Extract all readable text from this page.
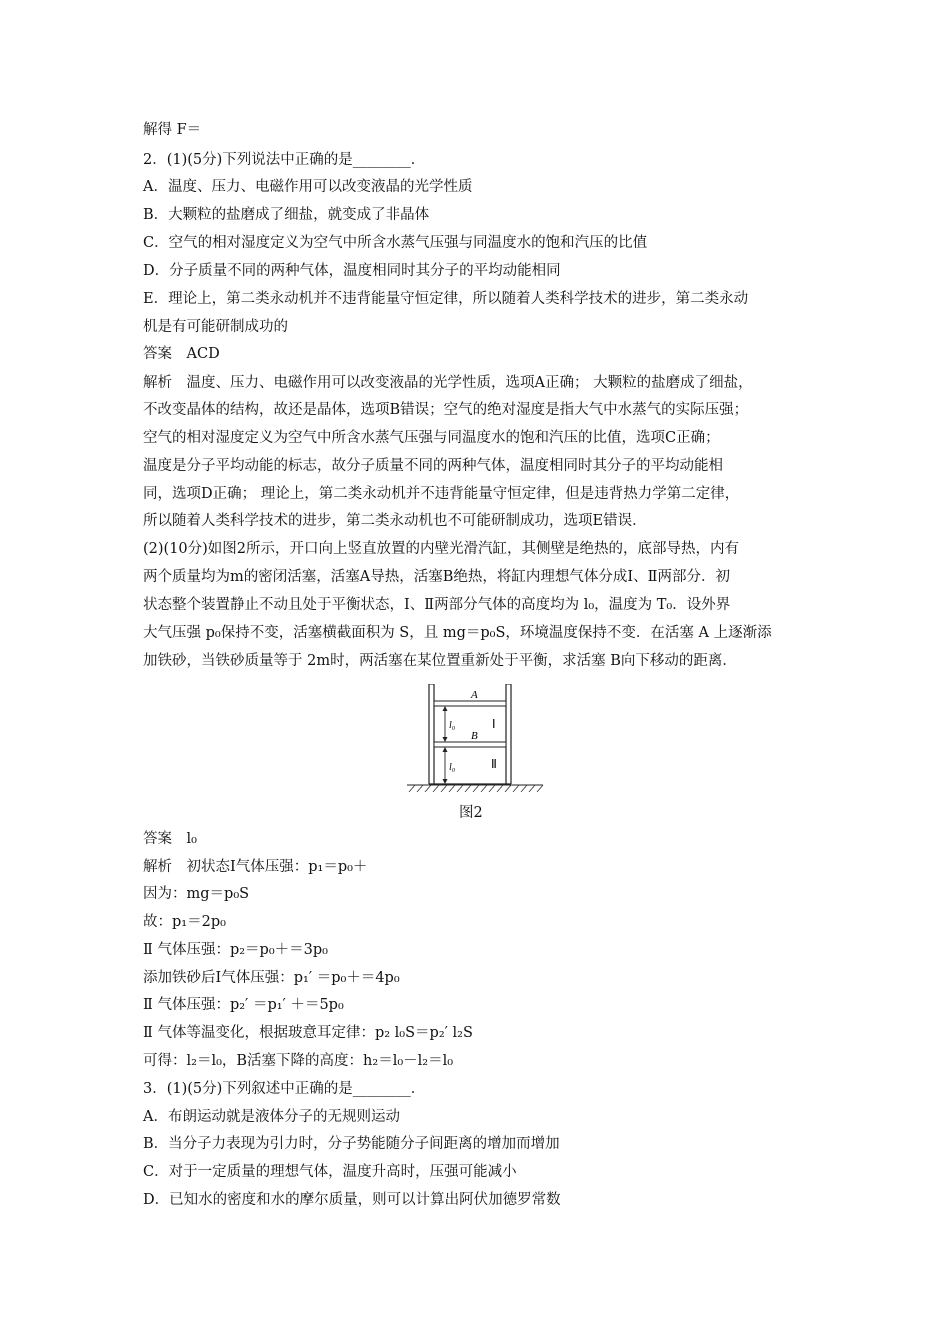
解得 F＝
2．(1)(5分)下列说法中正确的是________．
A．温度、压力、电磁作用可以改变液晶的光学性质
B．大颗粒的盐磨成了细盐，就变成了非晶体
C．空气的相对湿度定义为空气中所含水蒸气压强与同温度水的饱和汽压的比值
D．分子质量不同的两种气体，温度相同时其分子的平均动能相同
E．理论上，第二类永动机并不违背能量守恒定律，所以随着人类科学技术的进步，第二类永动
机是有可能研制成功的
答案　ACD
解析　温度、压力、电磁作用可以改变液晶的光学性质，选项A正确； 大颗粒的盐磨成了细盐，
不改变晶体的结构，故还是晶体，选项B错误；空气的绝对湿度是指大气中水蒸气的实际压强；
空气的相对湿度定义为空气中所含水蒸气压强与同温度水的饱和汽压的比值，选项C正确；
温度是分子平均动能的标志，故分子质量不同的两种气体，温度相同时其分子的平均动能相
同，选项D正确； 理论上，第二类永动机并不违背能量守恒定律，但是违背热力学第二定律，
所以随着人类科学技术的进步，第二类永动机也不可能研制成功，选项E错误．
(2)(10分)如图2所示，开口向上竖直放置的内壁光滑汽缸，其侧壁是绝热的，底部导热，内有
两个质量均为m的密闭活塞，活塞A导热，活塞B绝热，将缸内理想气体分成Ⅰ、Ⅱ两部分．初
状态整个装置静止不动且处于平衡状态，Ⅰ、Ⅱ两部分气体的高度均为 l₀，温度为 T₀．设外界
大气压强 p₀保持不变，活塞横截面积为 S，且 mg＝p₀S，环境温度保持不变．在活塞 A 上逐渐添
加铁砂，当铁砂质量等于 2m时，两活塞在某位置重新处于平衡，求活塞 B向下移动的距离．
A
B
Ⅰ
Ⅱ
l₀
l₀
图2
答案　l₀
解析　初状态Ⅰ气体压强：p₁＝p₀＋
因为：mg＝p₀S
故：p₁＝2p₀
Ⅱ 气体压强：p₂＝p₀＋＝3p₀
添加铁砂后Ⅰ气体压强：p₁′ ＝p₀＋＝4p₀
Ⅱ 气体压强：p₂′ ＝p₁′ ＋＝5p₀
Ⅱ 气体等温变化，根据玻意耳定律：p₂ l₀S＝p₂′ l₂S
可得：l₂＝l₀，B活塞下降的高度：h₂＝l₀－l₂＝l₀
3．(1)(5分)下列叙述中正确的是________．
A．布朗运动就是液体分子的无规则运动
B．当分子力表现为引力时，分子势能随分子间距离的增加而增加
C．对于一定质量的理想气体，温度升高时，压强可能减小
D．已知水的密度和水的摩尔质量，则可以计算出阿伏加德罗常数
